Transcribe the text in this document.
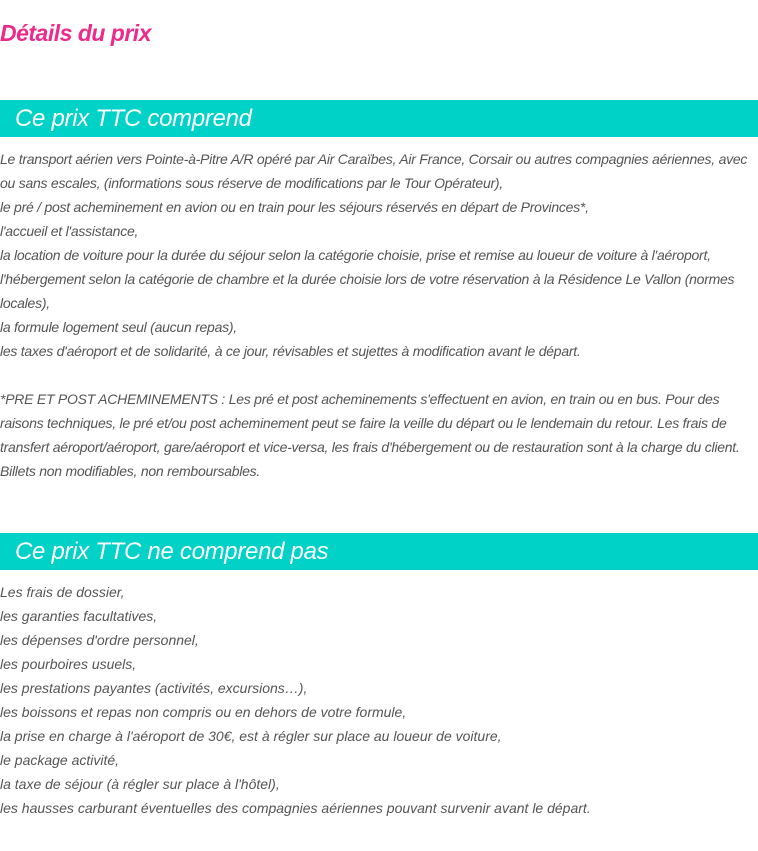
Détails du prix
Ce prix TTC comprend

Le transport aérien vers Pointe-à-Pitre A/R opéré par Air Caraïbes, Air France, Corsair ou autres compagnies aériennes, avec ou sans escales, (informations sous réserve de modifications par le Tour Opérateur),

le pré / post acheminement en avion ou en train pour les séjours réservés en départ de Provinces*,

l'accueil et l'assistance,

la location de voiture pour la durée du séjour selon la catégorie choisie, prise et remise au loueur de voiture à l'aéroport,

l'hébergement selon la catégorie de chambre et la durée choisie lors de votre réservation à la Résidence Le Vallon (normes locales),

la formule logement seul (aucun repas),

les taxes d'aéroport et de solidarité, à ce jour, révisables et sujettes à modification avant le départ.

*PRE ET POST ACHEMINEMENTS : Les pré et post acheminements s'effectuent en avion, en train ou en bus. Pour des raisons techniques, le pré et/ou post acheminement peut se faire la veille du départ ou le lendemain du retour. Les frais de transfert aéroport/aéroport, gare/aéroport et vice-versa, les frais d'hébergement ou de restauration sont à la charge du client. Billets non modifiables, non remboursables.

Ce prix TTC ne comprend pas

Les frais de dossier,

les garanties facultatives,

les dépenses d'ordre personnel,

les pourboires usuels,

les prestations payantes (activités, excursions…),

les boissons et repas non compris ou en dehors de votre formule,

la prise en charge à l'aéroport de 30€, est à régler sur place au loueur de voiture,

le package activité,

la taxe de séjour (à régler sur place à l'hôtel),

les hausses carburant éventuelles des compagnies aériennes pouvant survenir avant le départ.
